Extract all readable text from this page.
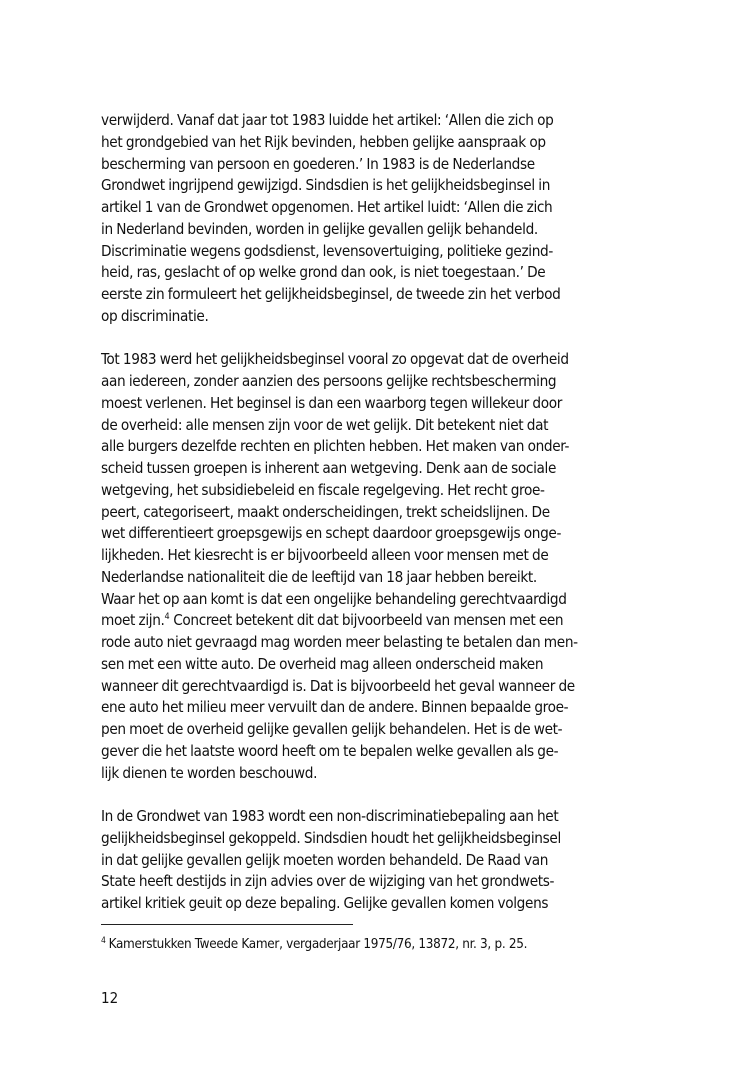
verwijderd. Vanaf dat jaar tot 1983 luidde het artikel: ‘Allen die zich op
het grondgebied van het Rijk bevinden, hebben gelijke aanspraak op
bescherming van persoon en goederen.’ In 1983 is de Nederlandse
Grondwet ingrijpend gewijzigd. Sindsdien is het gelijkheidsbeginsel in
artikel 1 van de Grondwet opgenomen. Het artikel luidt: ‘Allen die zich
in Nederland bevinden, worden in gelijke gevallen gelijk behandeld.
Discriminatie wegens godsdienst, levensovertuiging, politieke gezind-
heid, ras, geslacht of op welke grond dan ook, is niet toegestaan.’ De
eerste zin formuleert het gelijkheidsbeginsel, de tweede zin het verbod
op discriminatie.

Tot 1983 werd het gelijkheidsbeginsel vooral zo opgevat dat de overheid
aan iedereen, zonder aanzien des persoons gelijke rechtsbescherming
moest verlenen. Het beginsel is dan een waarborg tegen willekeur door
de overheid: alle mensen zijn voor de wet gelijk. Dit betekent niet dat
alle burgers dezelfde rechten en plichten hebben. Het maken van onder-
scheid tussen groepen is inherent aan wetgeving. Denk aan de sociale
wetgeving, het subsidiebeleid en fiscale regelgeving. Het recht groe-
peert, categoriseert, maakt onderscheidingen, trekt scheidslijnen. De
wet differentieert groepsgewijs en schept daardoor groepsgewijs onge-
lijkheden. Het kiesrecht is er bijvoorbeeld alleen voor mensen met de
Nederlandse nationaliteit die de leeftijd van 18 jaar hebben bereikt.
Waar het op aan komt is dat een ongelijke behandeling gerechtvaardigd
moet zijn.$^4$ Concreet betekent dit dat bijvoorbeeld van mensen met een
rode auto niet gevraagd mag worden meer belasting te betalen dan men-
sen met een witte auto. De overheid mag alleen onderscheid maken
wanneer dit gerechtvaardigd is. Dat is bijvoorbeeld het geval wanneer de
ene auto het milieu meer vervuilt dan de andere. Binnen bepaalde groe-
pen moet de overheid gelijke gevallen gelijk behandelen. Het is de wet-
gever die het laatste woord heeft om te bepalen welke gevallen als ge-
lijk dienen te worden beschouwd.

In de Grondwet van 1983 wordt een non-discriminatiebepaling aan het
gelijkheidsbeginsel gekoppeld. Sindsdien houdt het gelijkheidsbeginsel
in dat gelijke gevallen gelijk moeten worden behandeld. De Raad van
State heeft destijds in zijn advies over de wijziging van het grondwets-
artikel kritiek geuit op deze bepaling. Gelijke gevallen komen volgens

$^4$ Kamerstukken Tweede Kamer, vergaderjaar 1975/76, 13872, nr. 3, p. 25.
12
